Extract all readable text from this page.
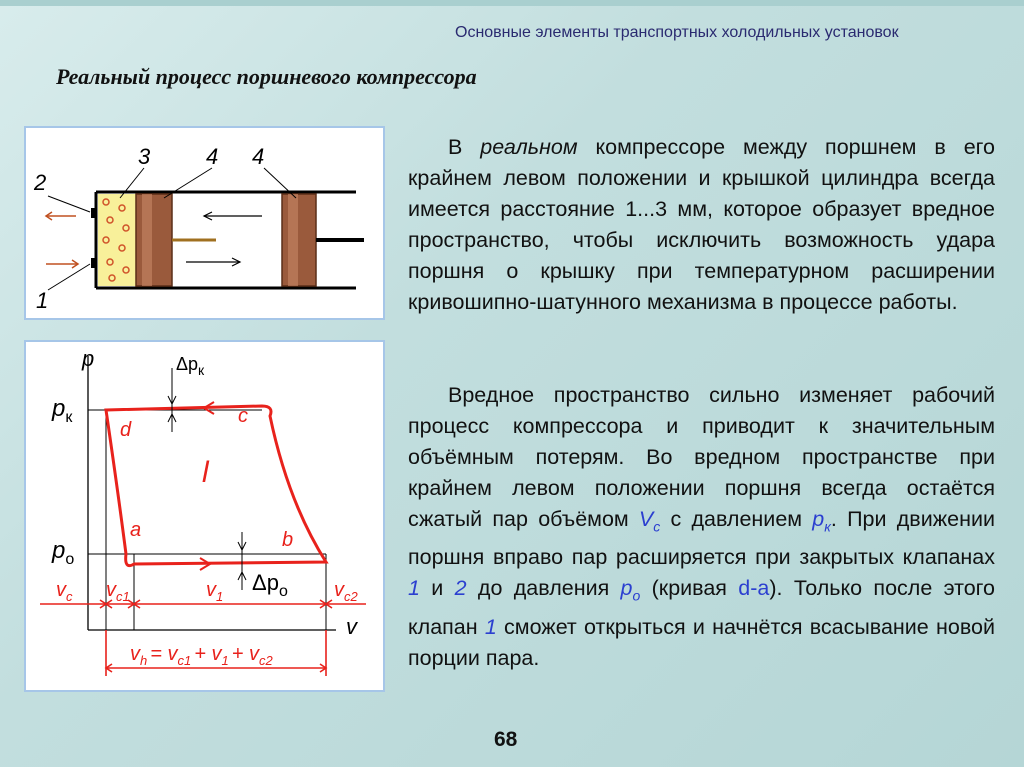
Основные элементы транспортных холодильных установок
Реальный процесс поршневого компрессора
2
1
3	4 4
p
v
$\Delta p_к$
$\Delta p_о$
$p_к$
$p_о$
d
c
a	b
l
$v_c$ $v_{c1}$	$v_1$	$v_{c2}$
$v_h = v_{c1} + v_1 + v_{c2}$

В реальном компрессоре между поршнем в его крайнем левом положении и крышкой цилиндра всегда имеется расстояние 1...3 мм, которое образует вредное пространство, чтобы исключить возможность удара поршня о крышку при температурном расширении кривошипно-шатунного механизма в процессе работы.

Вредное пространство сильно изменяет рабочий процесс компрессора и приводит к значительным объёмным потерям. Во вредном пространстве при крайнем левом положении поршня всегда остаётся сжатый пар объёмом $V_c$ с давлением $p_к$. При движении поршня вправо пар расширяется при закрытых клапанах 1 и 2 до давления $p_о$ (кривая d-a). Только после этого клапан 1 сможет открыться и начнётся всасывание новой порции пара.

68
